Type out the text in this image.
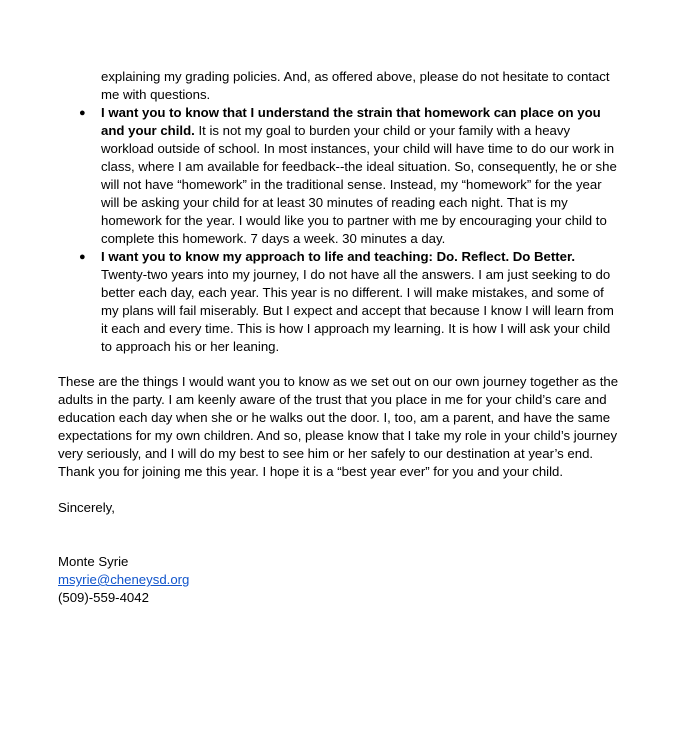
explaining my grading policies. And, as offered above, please do not hesitate to contact me with questions.

● I want you to know that I understand the strain that homework can place on you and your child. It is not my goal to burden your child or your family with a heavy workload outside of school. In most instances, your child will have time to do our work in class, where I am available for feedback--the ideal situation. So, consequently, he or she will not have “homework” in the traditional sense. Instead, my “homework” for the year will be asking your child for at least 30 minutes of reading each night. That is my homework for the year. I would like you to partner with me by encouraging your child to complete this homework. 7 days a week. 30 minutes a day.

● I want you to know my approach to life and teaching: Do. Reflect. Do Better. Twenty-two years into my journey, I do not have all the answers. I am just seeking to do better each day, each year. This year is no different. I will make mistakes, and some of my plans will fail miserably. But I expect and accept that because I know I will learn from it each and every time. This is how I approach my learning. It is how I will ask your child to approach his or her leaning.

These are the things I would want you to know as we set out on our own journey together as the adults in the party. I am keenly aware of the trust that you place in me for your child’s care and education each day when she or he walks out the door. I, too, am a parent, and have the same expectations for my own children. And so, please know that I take my role in your child’s journey very seriously, and I will do my best to see him or her safely to our destination at year’s end. Thank you for joining me this year. I hope it is a “best year ever” for you and your child.

Sincerely,
Monte Syrie
msyrie@cheneysd.org
(509)-559-4042
